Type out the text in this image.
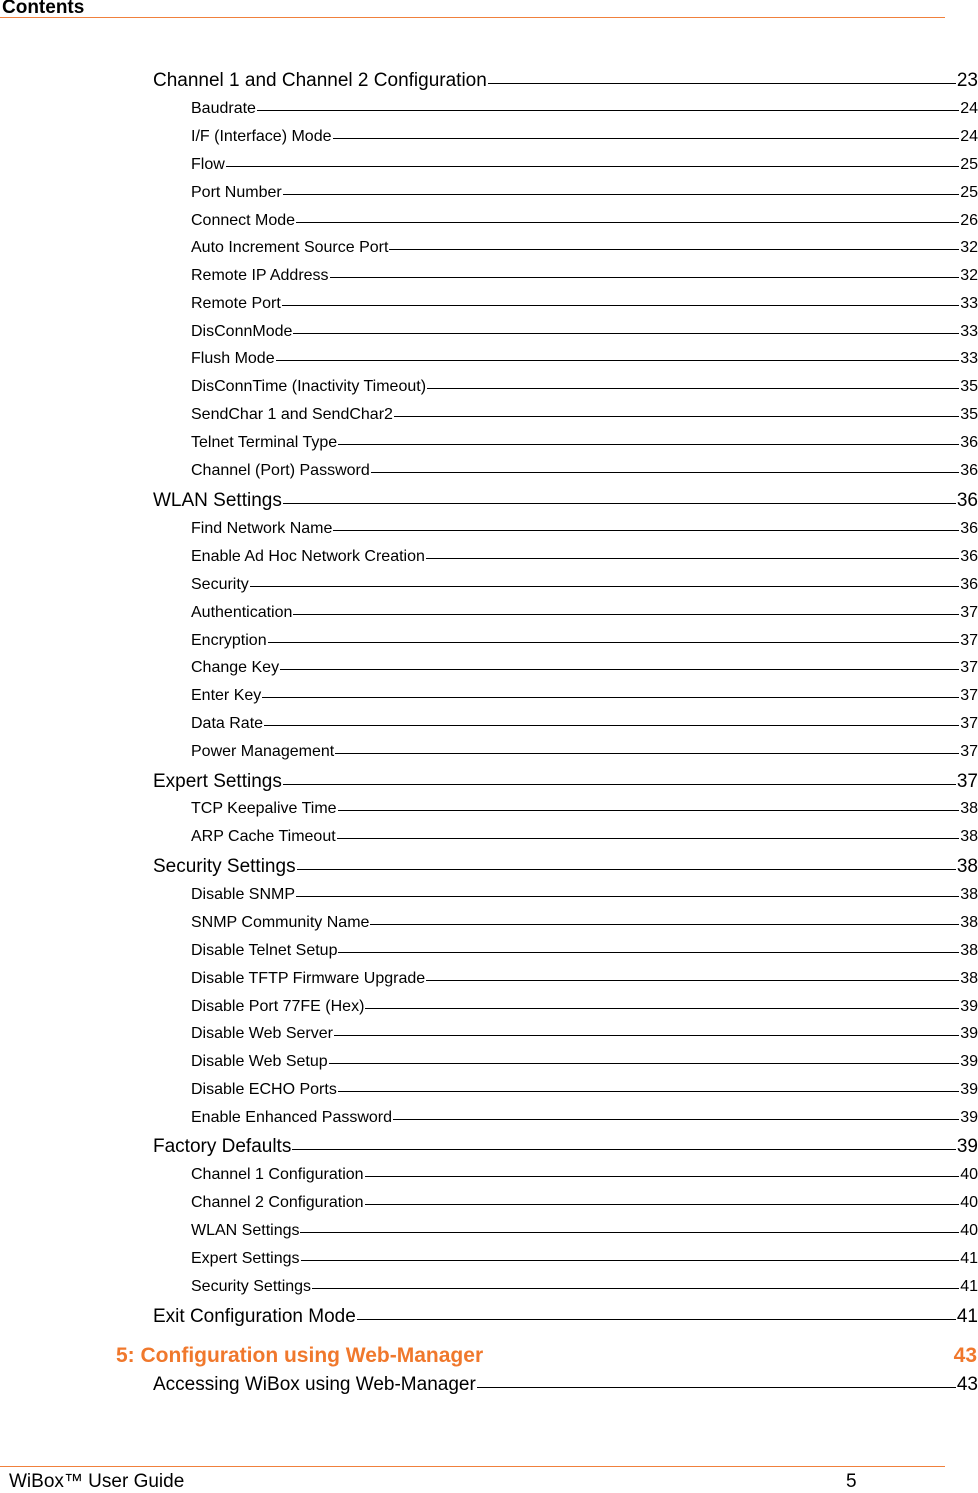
Contents
Channel 1 and Channel 2 Configuration	23
Baudrate	24
I/F (Interface) Mode	24
Flow	25
Port Number	25
Connect Mode	26
Auto Increment Source Port	32
Remote IP Address	32
Remote Port	33
DisConnMode	33
Flush Mode	33
DisConnTime (Inactivity Timeout)	35
SendChar 1 and SendChar2	35
Telnet Terminal Type	36
Channel (Port) Password	36
WLAN Settings	36
Find Network Name	36
Enable Ad Hoc Network Creation	36
Security	36
Authentication	37
Encryption	37
Change Key	37
Enter Key	37
Data Rate	37
Power Management	37
Expert Settings	37
TCP Keepalive Time	38
ARP Cache Timeout	38
Security Settings	38
Disable SNMP	38
SNMP Community Name	38
Disable Telnet Setup	38
Disable TFTP Firmware Upgrade	38
Disable Port 77FE (Hex)	39
Disable Web Server	39
Disable Web Setup	39
Disable ECHO Ports	39
Enable Enhanced Password	39
Factory Defaults	39
Channel 1 Configuration	40
Channel 2 Configuration	40
WLAN Settings	40
Expert Settings	41
Security Settings	41
Exit Configuration Mode	41
5: Configuration using Web-Manager	43
Accessing WiBox using Web-Manager	43
WiBox™ User Guide	5
